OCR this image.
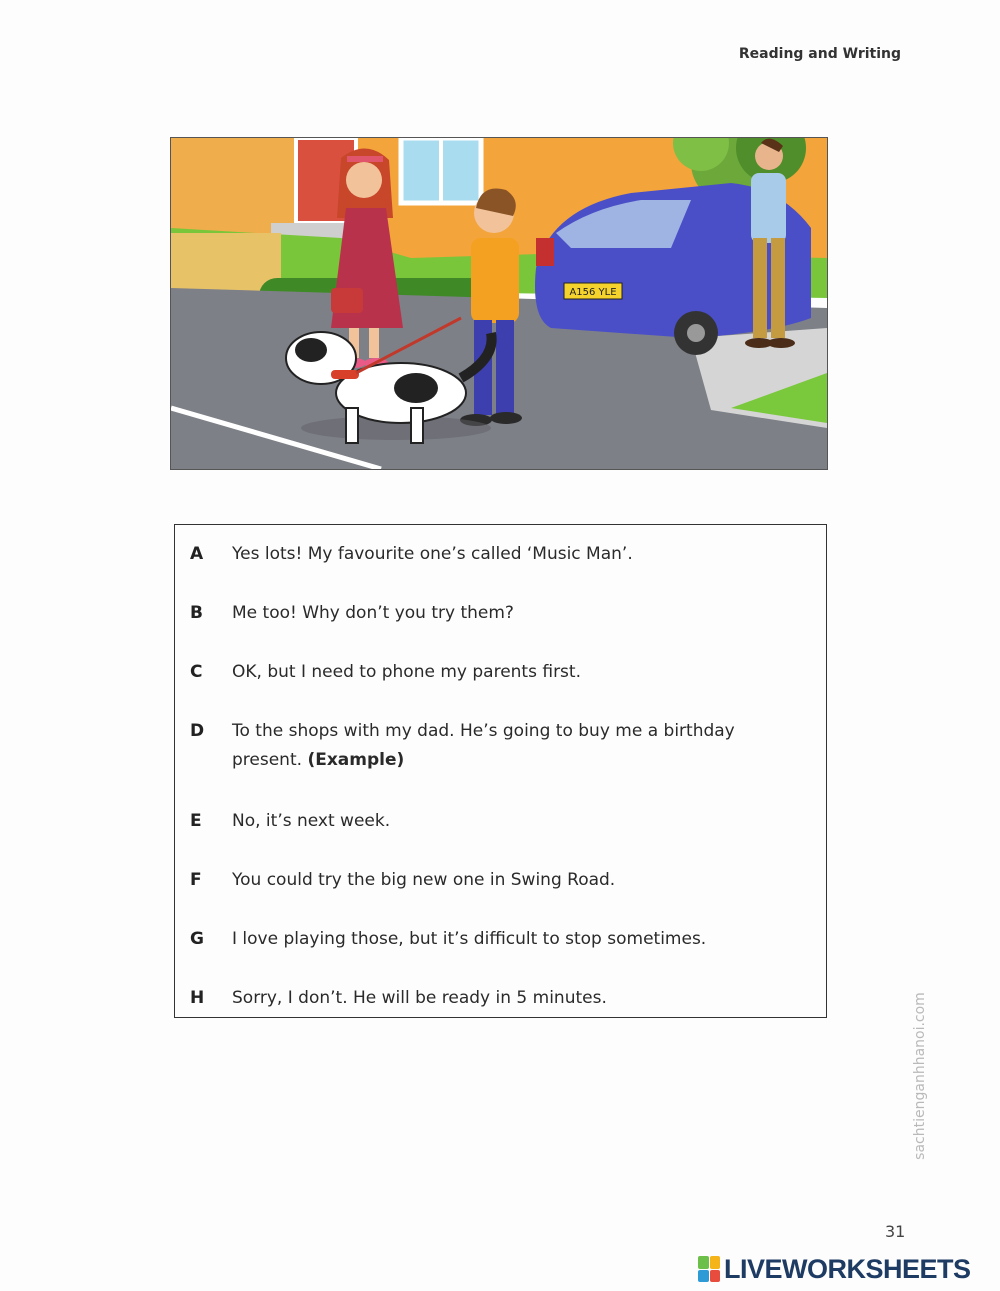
Reading and Writing
A156 YLE
A Yes lots! My favourite one’s called ‘Music Man’.
B Me too! Why don’t you try them?
C OK, but I need to phone my parents first.
D To the shops with my dad. He’s going to buy me a birthday present. (Example)
E No, it’s next week.
F You could try the big new one in Swing Road.
G I love playing those, but it’s difficult to stop sometimes.
H Sorry, I don’t. He will be ready in 5 minutes.	sachtienganhhanoi.com
31
LIVEWORKSHEETS
